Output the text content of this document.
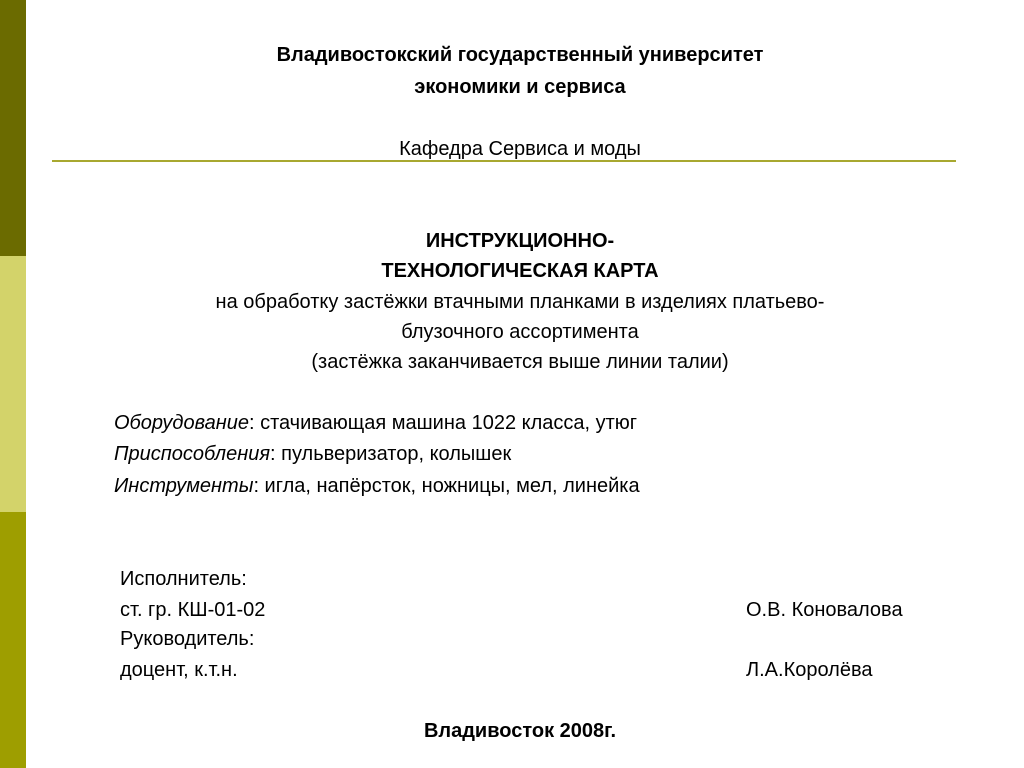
Владивостокский государственный университет
экономики и сервиса
Кафедра Сервиса и моды
ИНСТРУКЦИОННО-
ТЕХНОЛОГИЧЕСКАЯ КАРТА
на обработку застёжки втачными планками в изделиях платьево-
блузочного ассортимента
(застёжка заканчивается выше линии талии)
Оборудование: стачивающая машина 1022 класса, утюг
Приспособления: пульверизатор, колышек
Инструменты: игла, напёрсток, ножницы, мел, линейка
Исполнитель:
ст. гр. КШ-01-02	О.В. Коновалова
Руководитель:
доцент, к.т.н.	Л.А.Королёва
Владивосток 2008г.
